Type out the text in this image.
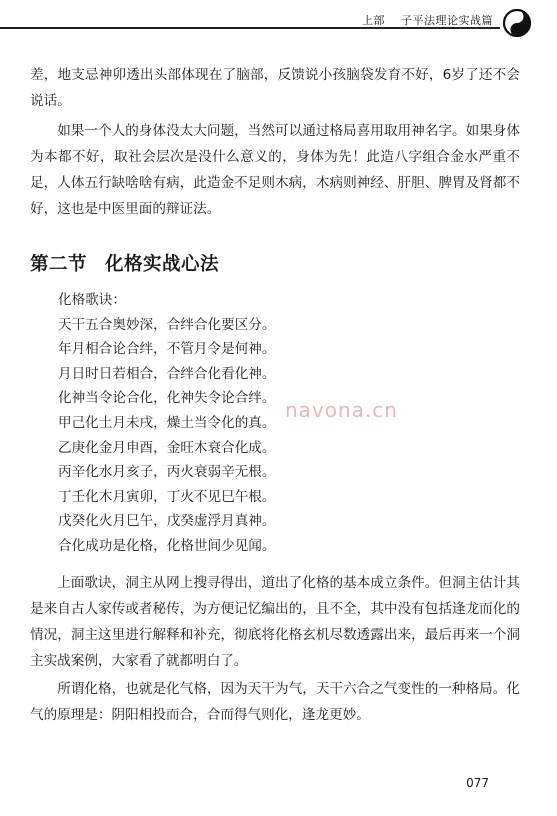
上部 子平法理论实战篇

差，地支忌神卯透出头部体现在了脑部，反馈说小孩脑袋发育不好，6岁了还不会说话。

如果一个人的身体没太大问题，当然可以通过格局喜用取用神名字。如果身体为本都不好，取社会层次是没什么意义的，身体为先！此造八字组合金水严重不足，人体五行缺啥啥有病，此造金不足则木病，木病则神经、肝胆、脾胃及肾都不好，这也是中医里面的辩证法。

第二节 化格实战心法
化格歌诀：
天干五合奥妙深，合绊合化要区分。
年月相合论合绊，不管月令是何神。
月日时日若相合，合绊合化看化神。
化神当令论合化，化神失令论合绊。
甲己化土月未戌，燥土当令化的真。
乙庚化金月申酉，金旺木衰合化成。
丙辛化水月亥子，丙火衰弱辛无根。
丁壬化木月寅卯，丁火不见巳午根。
戊癸化火月巳午，戊癸虚浮月真神。
合化成功是化格，化格世间少见闻。
navona.cn

上面歌诀，洞主从网上搜寻得出，道出了化格的基本成立条件。但洞主估计其是来自古人家传或者秘传，为方便记忆编出的，且不全，其中没有包括逢龙而化的情况，洞主这里进行解释和补充，彻底将化格玄机尽数透露出来，最后再来一个洞主实战案例，大家看了就都明白了。

所谓化格，也就是化气格，因为天干为气，天干六合之气变性的一种格局。化气的原理是：阴阳相投而合，合而得气则化，逢龙更妙。

077
